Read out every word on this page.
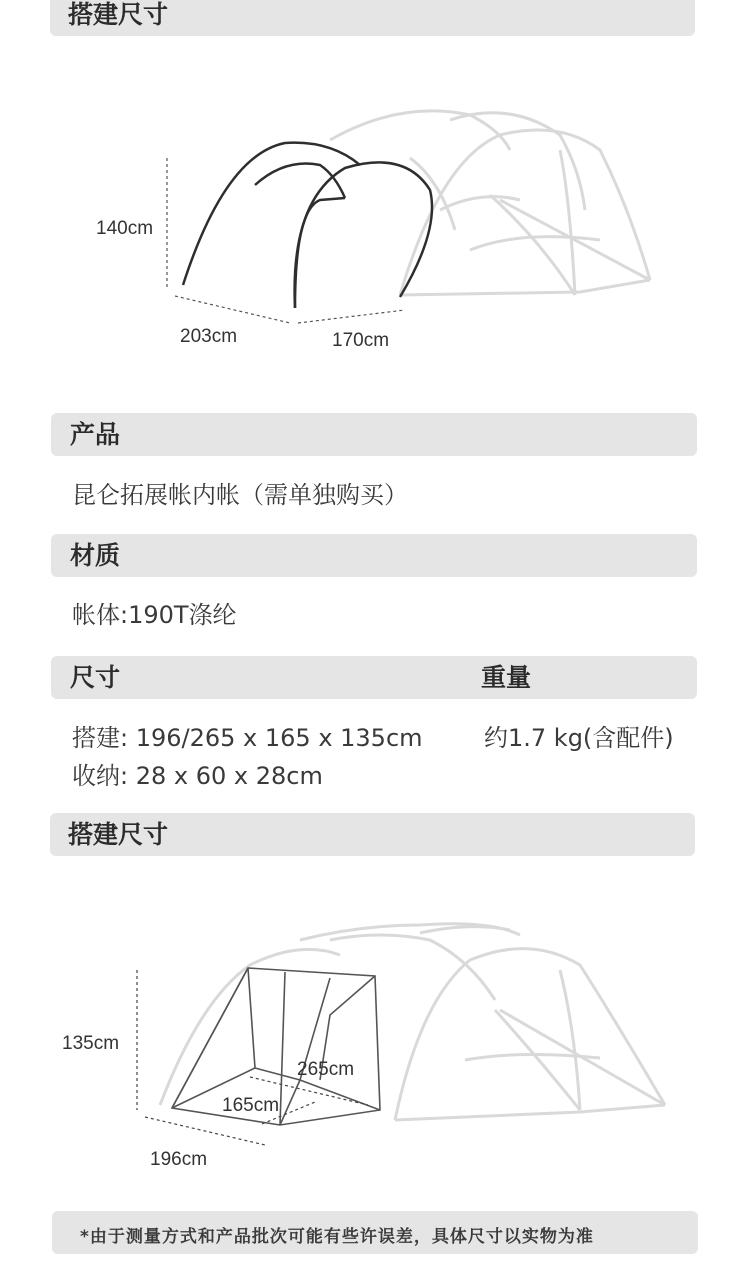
搭建尺寸
140cm
203cm	170cm
产品
昆仑拓展帐内帐（需单独购买）
材质
帐体:190T涤纶
尺寸	重量
搭建: 196/265 x 165 x 135cm
收纳: 28 x 60 x 28cm
约1.7 kg(含配件)
搭建尺寸
135cm
265cm
165cm
196cm
*由于测量方式和产品批次可能有些许误差，具体尺寸以实物为准
